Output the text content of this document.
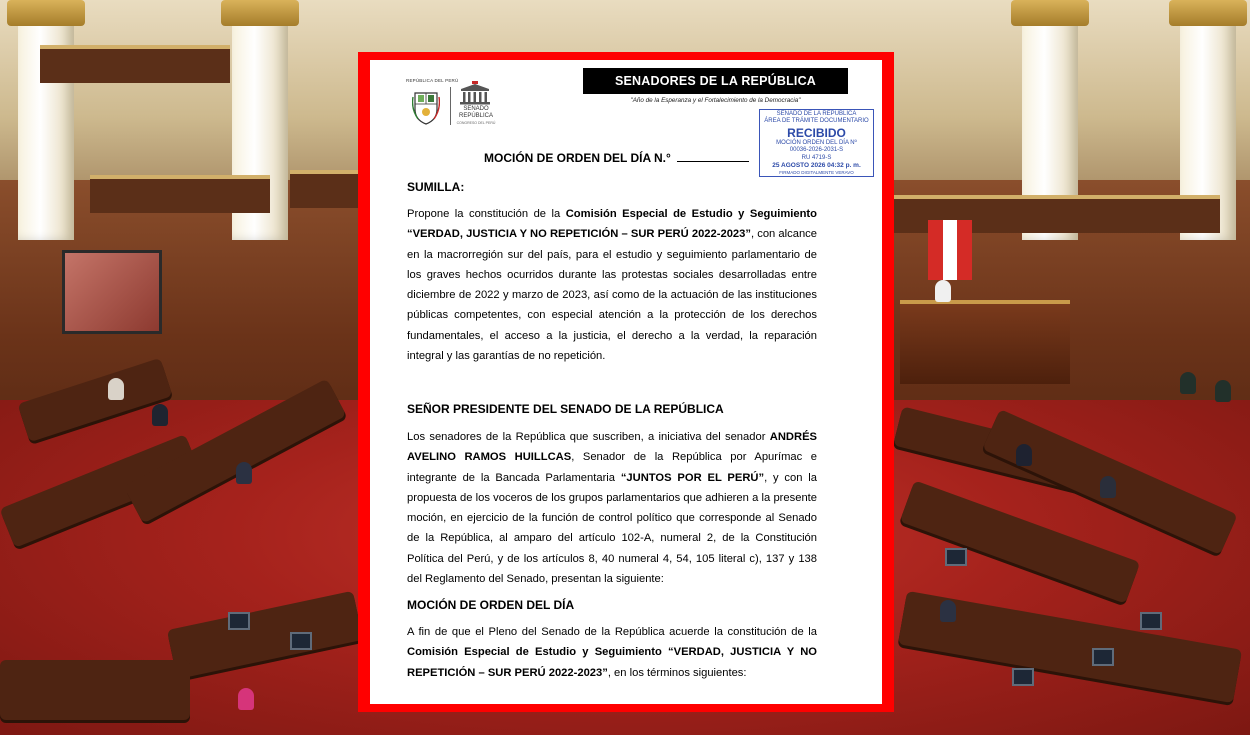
REPÚBLICA DEL PERÚ
SENADO
REPÚBLICA
CONGRESO DEL PERÚ
SENADORES DE LA REPÚBLICA
"Año de la Esperanza y el Fortalecimiento de la Democracia"
SENADO DE LA REPÚBLICA
ÁREA DE TRÁMITE DOCUMENTARIO
RECIBIDO
MOCIÓN ORDEN DEL DÍA Nº
00036-2026-2031-S
RU 4719-S
25 AGOSTO 2026 04:32 p. m.
FIRMADO DIGITALMENTE VERAVO
MOCIÓN DE ORDEN DEL DÍA N.°
SUMILLA:
Propone la constitución de la Comisión Especial de Estudio y Seguimiento “VERDAD, JUSTICIA Y NO REPETICIÓN – SUR PERÚ 2022-2023”, con alcance en la macrorregión sur del país, para el estudio y seguimiento parlamentario de los graves hechos ocurridos durante las protestas sociales desarrolladas entre diciembre de 2022 y marzo de 2023, así como de la actuación de las instituciones públicas competentes, con especial atención a la protección de los derechos fundamentales, el acceso a la justicia, el derecho a la verdad, la reparación integral y las garantías de no repetición.
SEÑOR PRESIDENTE DEL SENADO DE LA REPÚBLICA
Los senadores de la República que suscriben, a iniciativa del senador ANDRÉS AVELINO RAMOS HUILLCAS, Senador de la República por Apurímac e integrante de la Bancada Parlamentaria “JUNTOS POR EL PERÚ”, y con la propuesta de los voceros de los grupos parlamentarios que adhieren a la presente moción, en ejercicio de la función de control político que corresponde al Senado de la República, al amparo del artículo 102-A, numeral 2, de la Constitución Política del Perú, y de los artículos 8, 40 numeral 4, 54, 105 literal c), 137 y 138 del Reglamento del Senado, presentan la siguiente:
MOCIÓN DE ORDEN DEL DÍA
A fin de que el Pleno del Senado de la República acuerde la constitución de la Comisión Especial de Estudio y Seguimiento “VERDAD, JUSTICIA Y NO REPETICIÓN – SUR PERÚ 2022-2023”, en los términos siguientes:
